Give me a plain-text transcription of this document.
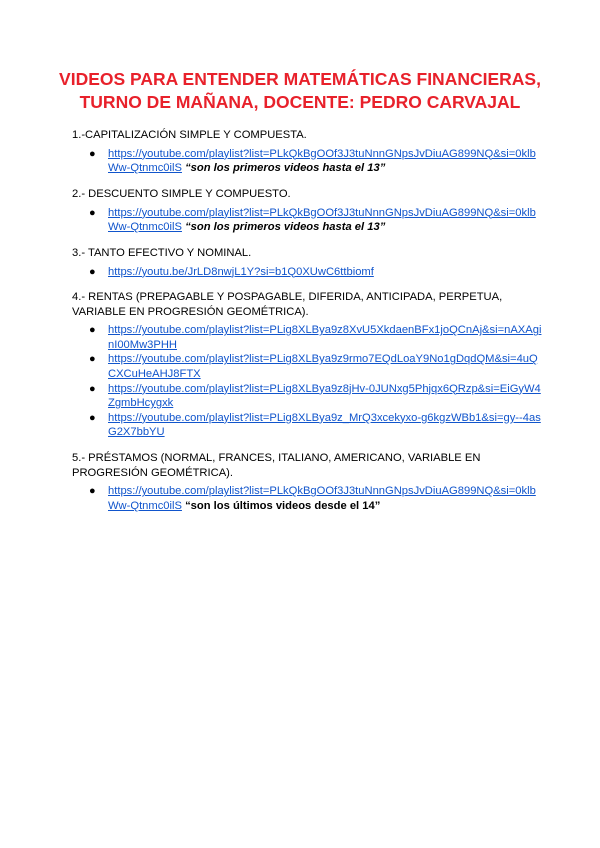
VIDEOS PARA ENTENDER MATEMÁTICAS FINANCIERAS,
TURNO DE MAÑANA, DOCENTE: PEDRO CARVAJAL

1.-CAPITALIZACIÓN SIMPLE Y COMPUESTA.

● https://youtube.com/playlist?list=PLkQkBgOOf3J3tuNnnGNpsJvDiuAG899NQ&si=0klbWw-Qtnmc0ilS “son los primeros videos hasta el 13”

2.- DESCUENTO SIMPLE Y COMPUESTO.

● https://youtube.com/playlist?list=PLkQkBgOOf3J3tuNnnGNpsJvDiuAG899NQ&si=0klbWw-Qtnmc0ilS “son los primeros videos hasta el 13”

3.- TANTO EFECTIVO Y NOMINAL.

● https://youtu.be/JrLD8nwjL1Y?si=b1Q0XUwC6ttbiomf

4.- RENTAS (PREPAGABLE Y POSPAGABLE, DIFERIDA, ANTICIPADA, PERPETUA, VARIABLE EN PROGRESIÓN GEOMÉTRICA).

● https://youtube.com/playlist?list=PLig8XLBya9z8XvU5XkdaenBFx1joQCnAj&si=nAXAginI00Mw3PHH
● https://youtube.com/playlist?list=PLig8XLBya9z9rmo7EQdLoaY9No1gDqdQM&si=4uQCXCuHeAHJ8FTX
● https://youtube.com/playlist?list=PLig8XLBya9z8jHv-0JUNxg5Phjqx6QRzp&si=EiGyW4ZgmbHcygxk
● https://youtube.com/playlist?list=PLig8XLBya9z_MrQ3xcekyxo-g6kgzWBb1&si=gy--4asG2X7bbYU

5.- PRÉSTAMOS (NORMAL, FRANCES, ITALIANO, AMERICANO, VARIABLE EN PROGRESIÓN GEOMÉTRICA).

● https://youtube.com/playlist?list=PLkQkBgOOf3J3tuNnnGNpsJvDiuAG899NQ&si=0klbWw-Qtnmc0ilS “son los últimos videos desde el 14”
